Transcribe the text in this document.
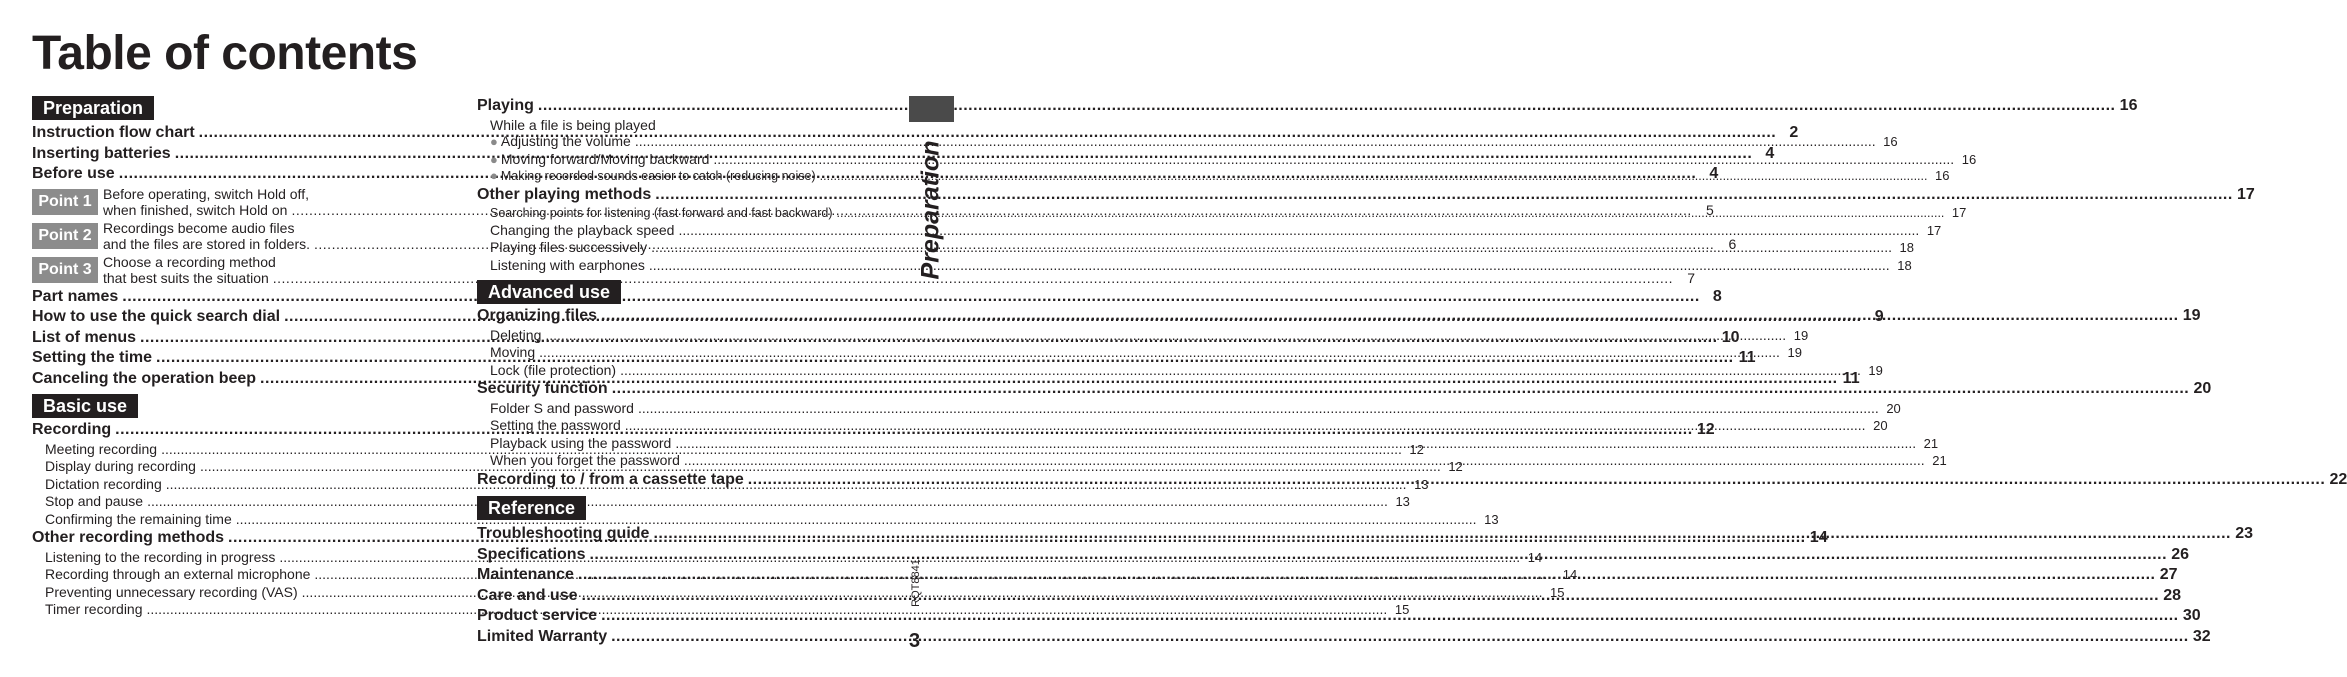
Table of contents
Preparation
Instruction flow chart .....	2
Inserting batteries .....	4
Before use .....	4
Point 1 Before operating, switch Hold off,
when finished, switch Hold on .....	5
Point 2 Recordings become audio files
and the files are stored in folders. .....	6
Point 3 Choose a recording method
that best suits the situation .....	7
Part names .....	8
How to use the quick search dial .....	9
List of menus .....	10
Setting the time .....	11
Canceling the operation beep .....	11
Basic use
Recording .....	12
Meeting recording .....	12
Display during recording .....	12
Dictation recording .....	13
Stop and pause .....	13
Confirming the remaining time .....	13
Other recording methods .....	14
Listening to the recording in progress .....	14
Recording through an external microphone .....	14
Preventing unnecessary recording (VAS) .....	15
Timer recording .....	15
Playing .....	16
While a file is being played
● Adjusting the volume .....	16
● Moving forward/Moving backward .....	16
● Making recorded sounds easier to catch (reducing noise) .....	16
Other playing methods .....	17
Searching points for listening (fast forward and fast backward) .....	17
Changing the playback speed .....	17
Playing files successively .....	18
Listening with earphones .....	18
Advanced use
Organizing files .....	19
Deleting .....	19
Moving .....	19
Lock (file protection) .....	19
Security function .....	20
Folder S and password .....	20
Setting the password .....	20
Playback using the password .....	21
When you forget the password .....	21
Recording to / from a cassette tape .....	22
Reference
Troubleshooting guide .....	23
Specifications .....	26
Maintenance .....	27
Care and use .....	28
Product service .....	30
Limited Warranty .....	32
Preparation
RQT8841
3
